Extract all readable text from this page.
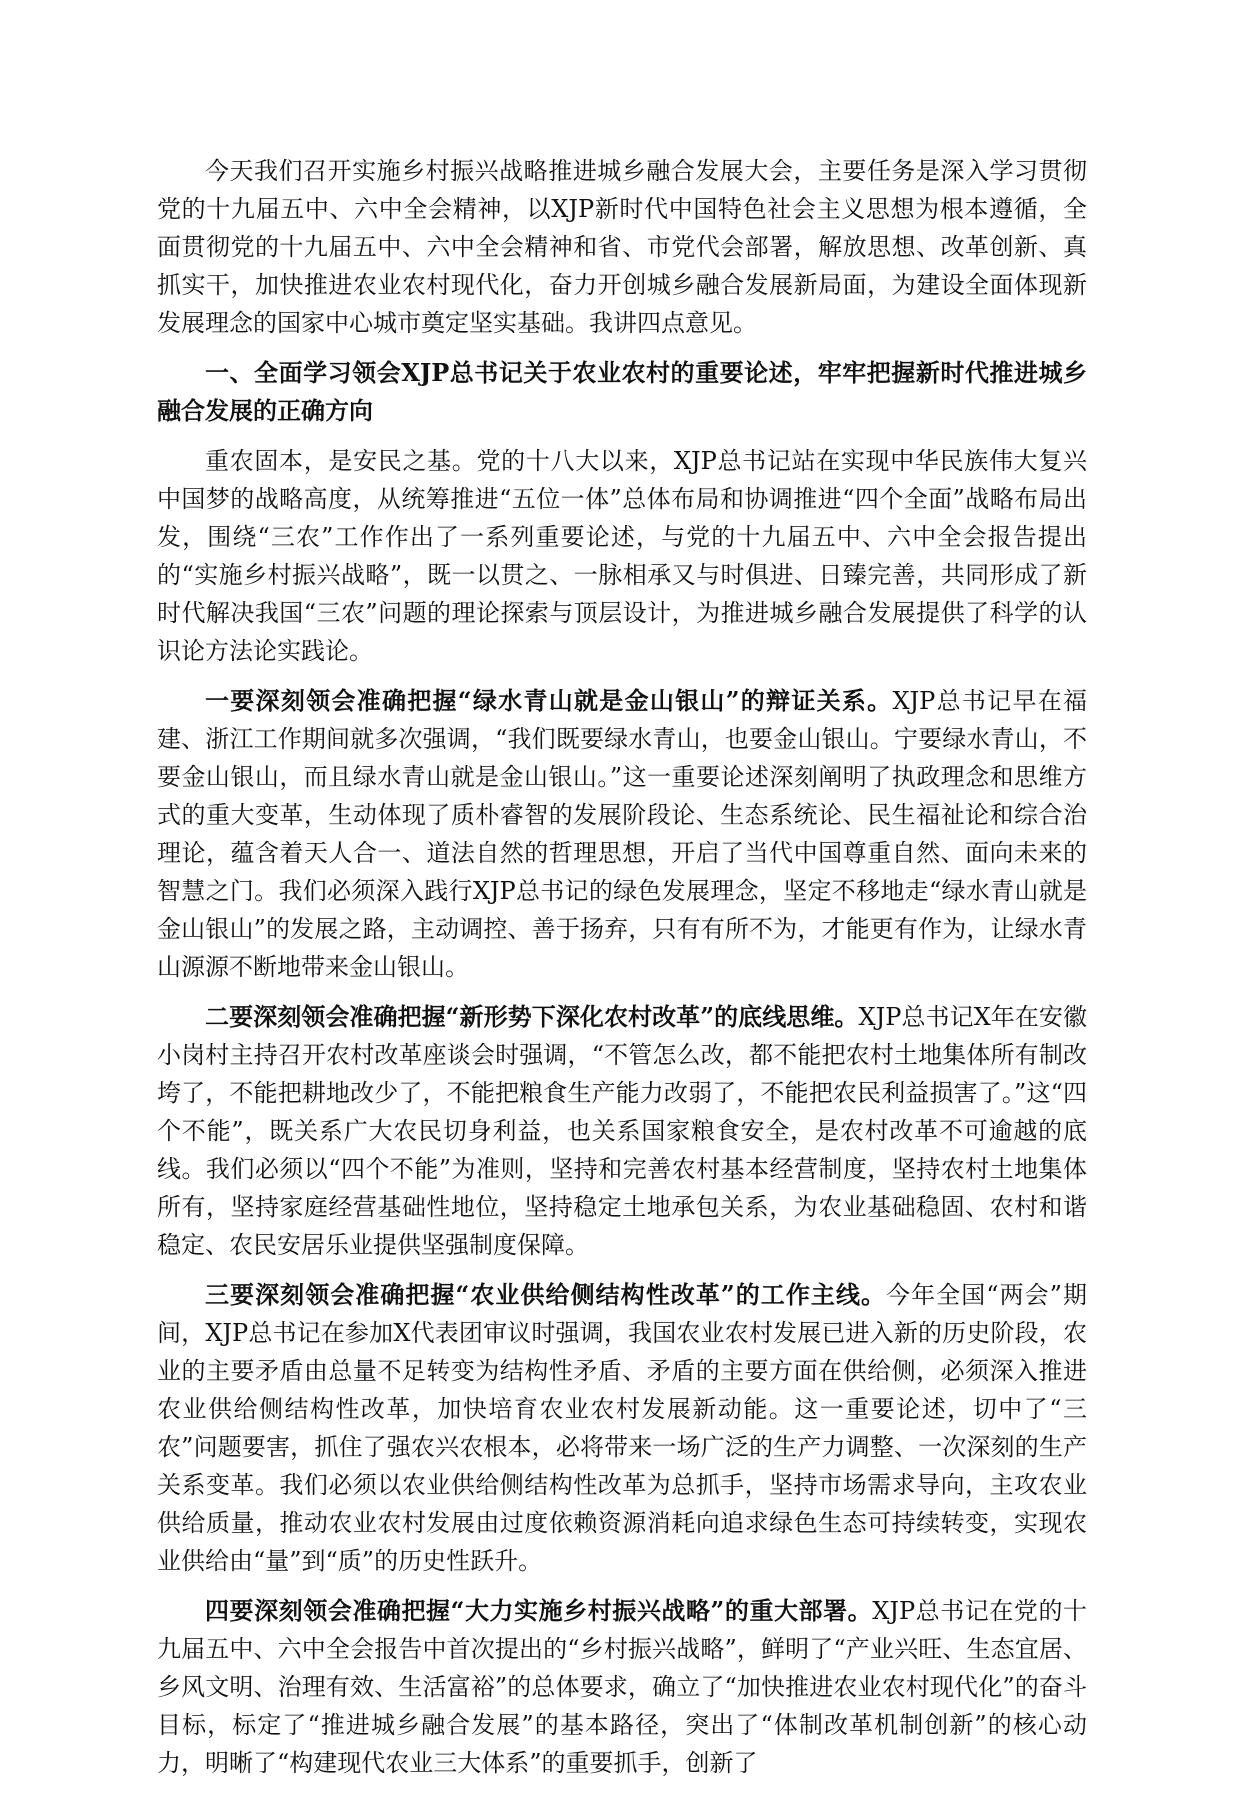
今天我们召开实施乡村振兴战略推进城乡融合发展大会，主要任务是深入学习贯彻党的十九届五中、六中全会精神，以XJP新时代中国特色社会主义思想为根本遵循，全面贯彻党的十九届五中、六中全会精神和省、市党代会部署，解放思想、改革创新、真抓实干，加快推进农业农村现代化，奋力开创城乡融合发展新局面，为建设全面体现新发展理念的国家中心城市奠定坚实基础。我讲四点意见。

一、全面学习领会XJP总书记关于农业农村的重要论述，牢牢把握新时代推进城乡融合发展的正确方向

重农固本，是安民之基。党的十八大以来，XJP总书记站在实现中华民族伟大复兴中国梦的战略高度，从统筹推进“五位一体”总体布局和协调推进“四个全面”战略布局出发，围绕“三农”工作作出了一系列重要论述，与党的十九届五中、六中全会报告提出的“实施乡村振兴战略”，既一以贯之、一脉相承又与时俱进、日臻完善，共同形成了新时代解决我国“三农”问题的理论探索与顶层设计，为推进城乡融合发展提供了科学的认识论方法论实践论。

一要深刻领会准确把握“绿水青山就是金山银山”的辩证关系。XJP总书记早在福建、浙江工作期间就多次强调，“我们既要绿水青山，也要金山银山。宁要绿水青山，不要金山银山，而且绿水青山就是金山银山。”这一重要论述深刻阐明了执政理念和思维方式的重大变革，生动体现了质朴睿智的发展阶段论、生态系统论、民生福祉论和综合治理论，蕴含着天人合一、道法自然的哲理思想，开启了当代中国尊重自然、面向未来的智慧之门。我们必须深入践行XJP总书记的绿色发展理念，坚定不移地走“绿水青山就是金山银山”的发展之路，主动调控、善于扬弃，只有有所不为，才能更有作为，让绿水青山源源不断地带来金山银山。

二要深刻领会准确把握“新形势下深化农村改革”的底线思维。XJP总书记X年在安徽小岗村主持召开农村改革座谈会时强调，“不管怎么改，都不能把农村土地集体所有制改垮了，不能把耕地改少了，不能把粮食生产能力改弱了，不能把农民利益损害了。”这“四个不能”，既关系广大农民切身利益，也关系国家粮食安全，是农村改革不可逾越的底线。我们必须以“四个不能”为准则，坚持和完善农村基本经营制度，坚持农村土地集体所有，坚持家庭经营基础性地位，坚持稳定土地承包关系，为农业基础稳固、农村和谐稳定、农民安居乐业提供坚强制度保障。

三要深刻领会准确把握“农业供给侧结构性改革”的工作主线。今年全国“两会”期间，XJP总书记在参加X代表团审议时强调，我国农业农村发展已进入新的历史阶段，农业的主要矛盾由总量不足转变为结构性矛盾、矛盾的主要方面在供给侧，必须深入推进农业供给侧结构性改革，加快培育农业农村发展新动能。这一重要论述，切中了“三农”问题要害，抓住了强农兴农根本，必将带来一场广泛的生产力调整、一次深刻的生产关系变革。我们必须以农业供给侧结构性改革为总抓手，坚持市场需求导向，主攻农业供给质量，推动农业农村发展由过度依赖资源消耗向追求绿色生态可持续转变，实现农业供给由“量”到“质”的历史性跃升。

四要深刻领会准确把握“大力实施乡村振兴战略”的重大部署。XJP总书记在党的十九届五中、六中全会报告中首次提出的“乡村振兴战略”，鲜明了“产业兴旺、生态宜居、乡风文明、治理有效、生活富裕”的总体要求，确立了“加快推进农业农村现代化”的奋斗目标，标定了“推进城乡融合发展”的基本路径，突出了“体制改革机制创新”的核心动力，明晰了“构建现代农业三大体系”的重要抓手，创新了
